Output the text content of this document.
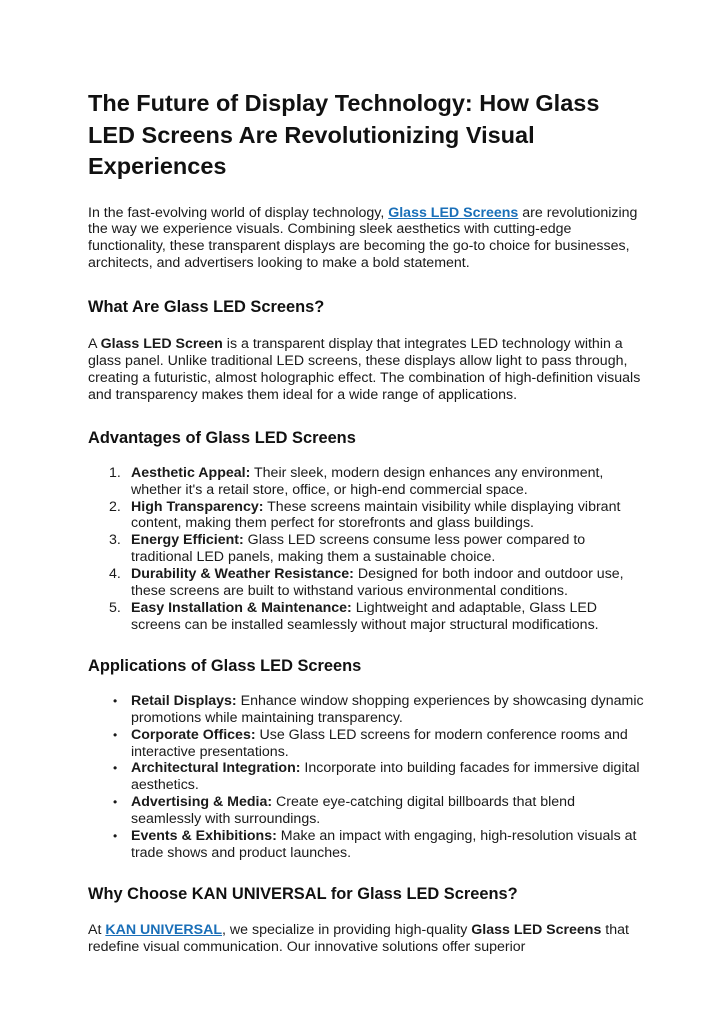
The Future of Display Technology: How Glass LED Screens Are Revolutionizing Visual Experiences

In the fast-evolving world of display technology, Glass LED Screens are revolutionizing the way we experience visuals. Combining sleek aesthetics with cutting-edge functionality, these transparent displays are becoming the go-to choice for businesses, architects, and advertisers looking to make a bold statement.

What Are Glass LED Screens?

A Glass LED Screen is a transparent display that integrates LED technology within a glass panel. Unlike traditional LED screens, these displays allow light to pass through, creating a futuristic, almost holographic effect. The combination of high-definition visuals and transparency makes them ideal for a wide range of applications.

Advantages of Glass LED Screens
1. Aesthetic Appeal: Their sleek, modern design enhances any environment, whether it's a retail store, office, or high-end commercial space.
2. High Transparency: These screens maintain visibility while displaying vibrant content, making them perfect for storefronts and glass buildings.
3. Energy Efficient: Glass LED screens consume less power compared to traditional LED panels, making them a sustainable choice.
4. Durability & Weather Resistance: Designed for both indoor and outdoor use, these screens are built to withstand various environmental conditions.
5. Easy Installation & Maintenance: Lightweight and adaptable, Glass LED screens can be installed seamlessly without major structural modifications.
Applications of Glass LED Screens
• Retail Displays: Enhance window shopping experiences by showcasing dynamic promotions while maintaining transparency.
• Corporate Offices: Use Glass LED screens for modern conference rooms and interactive presentations.
• Architectural Integration: Incorporate into building facades for immersive digital aesthetics.
• Advertising & Media: Create eye-catching digital billboards that blend seamlessly with surroundings.
• Events & Exhibitions: Make an impact with engaging, high-resolution visuals at trade shows and product launches.
Why Choose KAN UNIVERSAL for Glass LED Screens?

At KAN UNIVERSAL, we specialize in providing high-quality Glass LED Screens that redefine visual communication. Our innovative solutions offer superior
